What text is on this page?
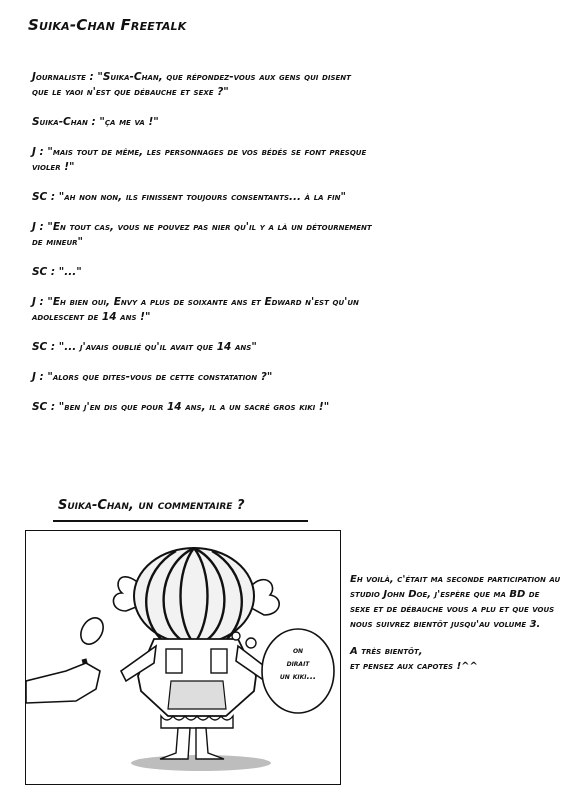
Suika-Chan Freetalk

Journaliste : "Suika-Chan, que répondez-vous aux gens qui disent
que le yaoi n'est que débauche et sexe ?"

Suika-Chan : "ça me va !"

J : "mais tout de même, les personnages de vos bédés se font presque
violer !"

SC : "ah non non, ils finissent toujours consentants... à la fin"

J : "En tout cas, vous ne pouvez pas nier qu'il y a là un détournement
de mineur"

SC : "..."

J : "Eh bien oui, Envy a plus de soixante ans et Edward n'est qu'un
adolescent de 14 ans !"

SC : "... j'avais oublié qu'il avait que 14 ans"

J : "alors que dites-vous de cette constatation ?"

SC : "ben j'en dis que pour 14 ans, il a un sacré gros kiki !"

Suika-Chan, un commentaire ?
on
dirait
un kiki...

Eh voilà, c'était ma seconde participation au studio John Doe, j'espère que ma BD de sexe et de débauche vous a plu et que vous nous suivrez bientôt jusqu'au volume 3.

A très bientôt,

et pensez aux capotes !^^
